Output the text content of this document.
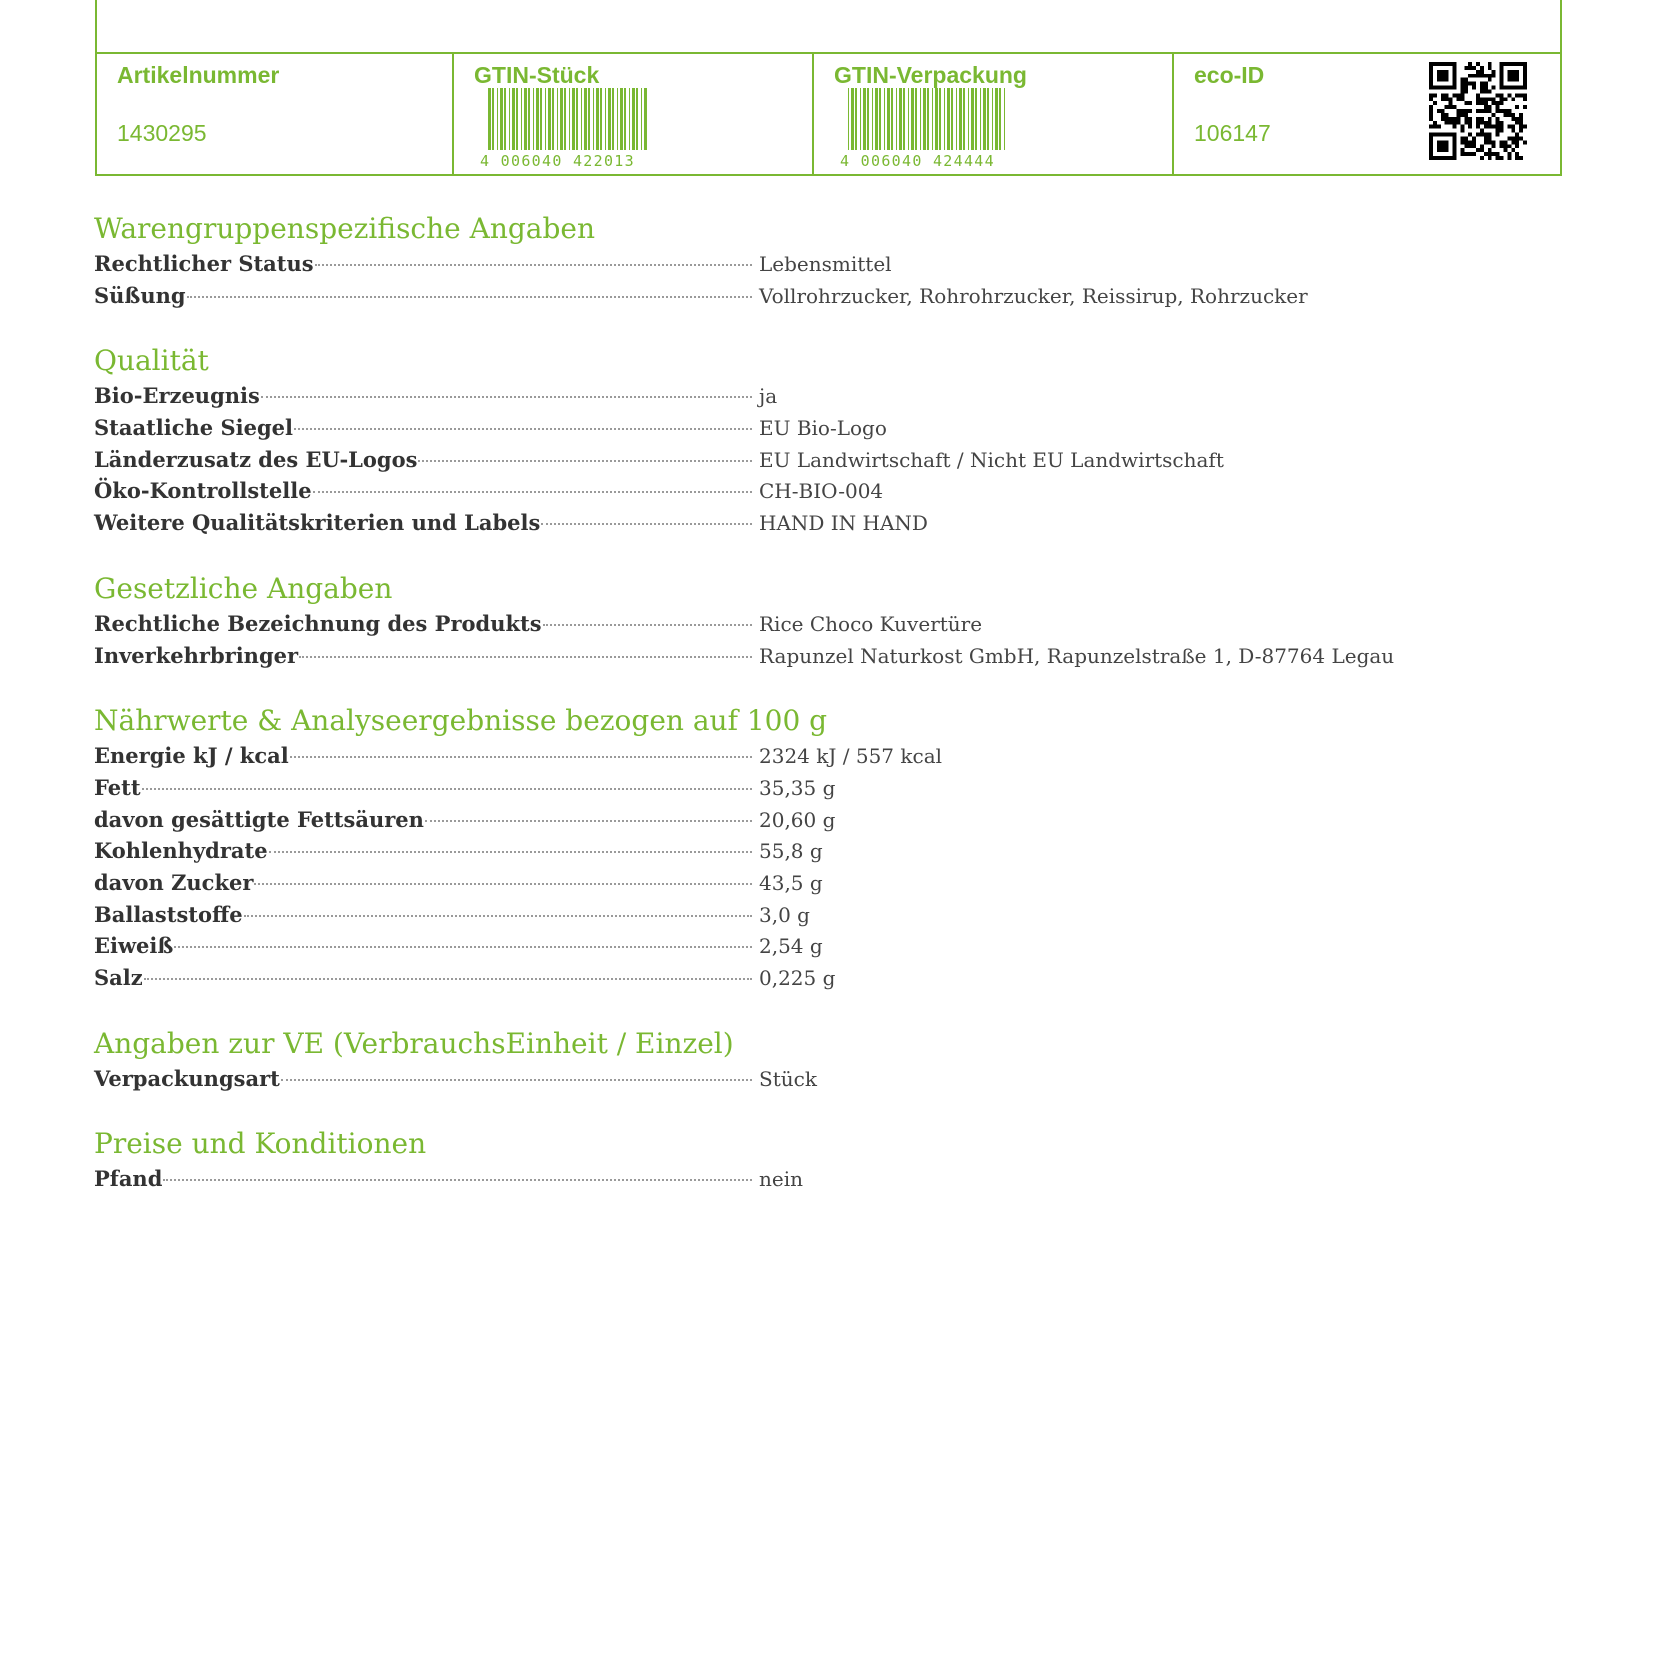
Artikelnummer
1430295
GTIN-Stück
4 006040 422013
GTIN-Verpackung
4 006040 424444
eco-ID
106147
Warengruppenspezifische Angaben
Rechtlicher Status	Lebensmittel
Süßung	Vollrohrzucker, Rohrohrzucker, Reissirup, Rohrzucker
Qualität
Bio-Erzeugnis	ja
Staatliche Siegel	EU Bio-Logo
Länderzusatz des EU-Logos	EU Landwirtschaft / Nicht EU Landwirtschaft
Öko-Kontrollstelle	CH-BIO-004
Weitere Qualitätskriterien und Labels	HAND IN HAND
Gesetzliche Angaben
Rechtliche Bezeichnung des Produkts	Rice Choco Kuvertüre
Inverkehrbringer	Rapunzel Naturkost GmbH, Rapunzelstraße 1, D-87764 Legau
Nährwerte & Analyseergebnisse bezogen auf 100 g
Energie kJ / kcal	2324 kJ / 557 kcal
Fett	35,35 g
davon gesättigte Fettsäuren	20,60 g
Kohlenhydrate	55,8 g
davon Zucker	43,5 g
Ballaststoffe	3,0 g
Eiweiß	2,54 g
Salz	0,225 g
Angaben zur VE (VerbrauchsEinheit / Einzel)
Verpackungsart	Stück
Preise und Konditionen
Pfand	nein
